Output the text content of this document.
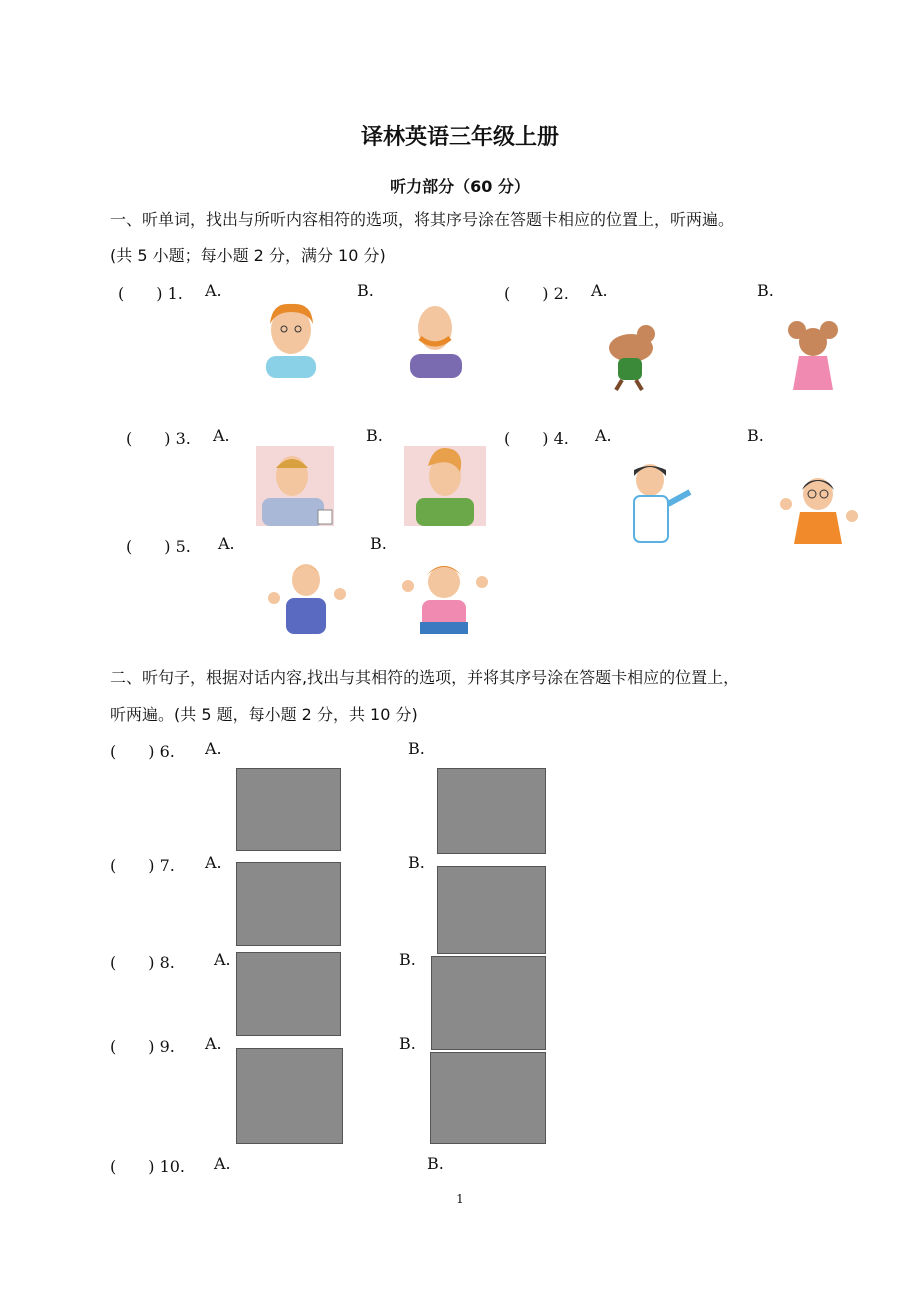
译林英语三年级上册
听力部分（60 分）
一、听单词，找出与所听内容相符的选项，将其序号涂在答题卡相应的位置上，听两遍。
(共 5 小题；每小题 2 分，满分 10 分)
(　　) 1. A.	B.	(　　) 2. A.	B.
(　　) 3. A.	B.	(　　) 4. A.	B.
(　　) 5. A.	B.
二、听句子，根据对话内容,找出与其相符的选项，并将其序号涂在答题卡相应的位置上，
听两遍。(共 5 题，每小题 2 分，共 10 分)
(　　) 6. A.	B.
(　　) 7. A.	B.
(　　) 8. A.	B.
(　　) 9. A.	B.
(　　) 10. A.	B.
1
